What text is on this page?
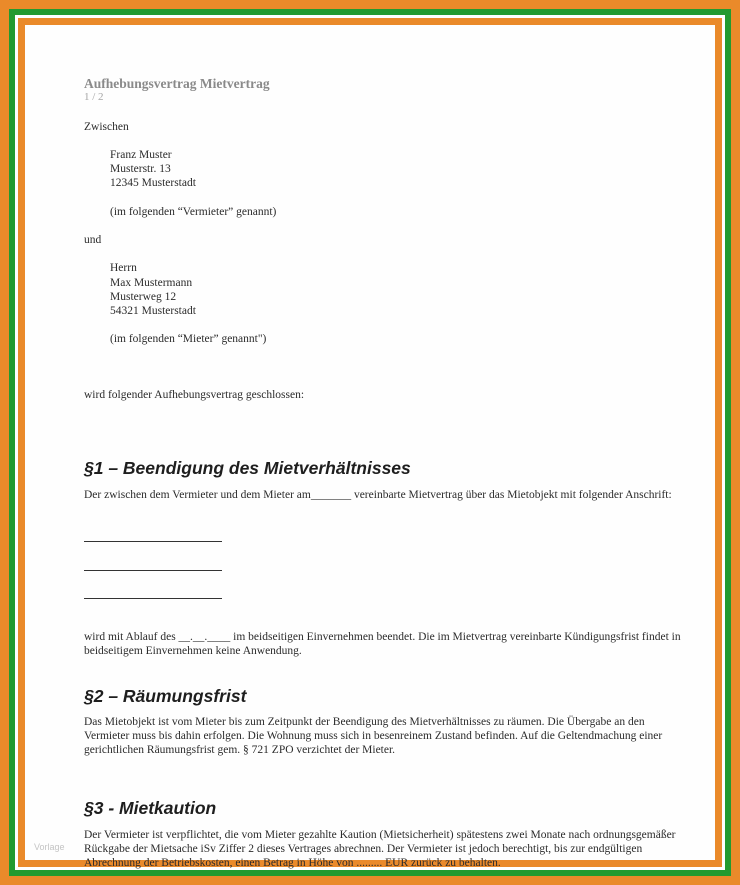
Aufhebungsvertrag Mietvertrag
1 / 2
Zwischen
Franz Muster
Musterstr. 13
12345 Musterstadt
(im folgenden “Vermieter” genannt)
und
Herrn
Max Mustermann
Musterweg 12
54321 Musterstadt
(im folgenden “Mieter” genannt")
wird folgender Aufhebungsvertrag geschlossen:
§1 – Beendigung des Mietverhältnisses
Der zwischen dem Vermieter und dem Mieter am_______ vereinbarte Mietvertrag über das Mietobjekt mit folgender Anschrift:
wird mit Ablauf des __.__.____ im beidseitigen Einvernehmen beendet. Die im Mietvertrag vereinbarte Kündigungsfrist findet in beidseitigem Einvernehmen keine Anwendung.
§2 – Räumungsfrist
Das Mietobjekt ist vom Mieter bis zum Zeitpunkt der Beendigung des Mietverhältnisses zu räumen. Die Übergabe an den Vermieter muss bis dahin erfolgen. Die Wohnung muss sich in besenreinem Zustand befinden. Auf die Geltendmachung einer gerichtlichen Räumungsfrist gem. § 721 ZPO verzichtet der Mieter.
§3 - Mietkaution
Der Vermieter ist verpflichtet, die vom Mieter gezahlte Kaution (Mietsicherheit) spätestens zwei Monate nach ordnungsgemäßer Rückgabe der Mietsache iSv Ziffer 2 dieses Vertrages abrechnen. Der Vermieter ist jedoch berechtigt, bis zur endgültigen Abrechnung der Betriebskosten, einen Betrag in Höhe von ......... EUR zurück zu behalten.
Vorlage
